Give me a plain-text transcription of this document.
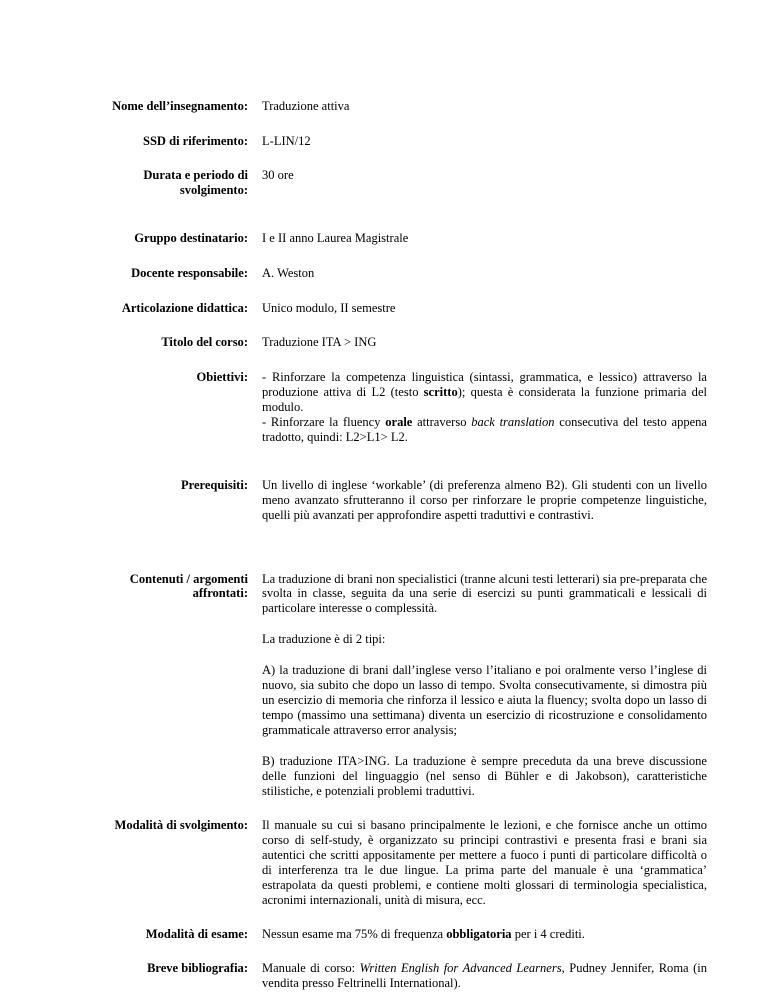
Nome dell’insegnamento: Traduzione attiva
SSD di riferimento: L-LIN/12
Durata e periodo di
svolgimento:
30 ore
Gruppo destinatario: I e II anno Laurea Magistrale
Docente responsabile: A. Weston
Articolazione didattica: Unico modulo, II semestre
Titolo del corso: Traduzione ITA > ING
Obiettivi: - Rinforzare la competenza linguistica (sintassi, grammatica, e lessico) attraverso la produzione attiva di L2 (testo scritto); questa è considerata la funzione primaria del modulo.

- Rinforzare la fluency orale attraverso back translation consecutiva del testo appena tradotto, quindi: L2>L1> L2.

Prerequisiti: Un livello di inglese ‘workable’ (di preferenza almeno B2). Gli studenti con un livello meno avanzato sfrutteranno il corso per rinforzare le proprie competenze linguistiche, quelli più avanzati per approfondire aspetti traduttivi e contrastivi.

Contenuti / argomenti
affrontati:

La traduzione di brani non specialistici (tranne alcuni testi letterari) sia pre-preparata che svolta in classe, seguita da una serie di esercizi su punti grammaticali e lessicali di particolare interesse o complessità.

La traduzione è di 2 tipi:

A) la traduzione di brani dall’inglese verso l’italiano e poi oralmente verso l’inglese di nuovo, sia subito che dopo un lasso di tempo. Svolta consecutivamente, si dimostra più un esercizio di memoria che rinforza il lessico e aiuta la fluency; svolta dopo un lasso di tempo (massimo una settimana) diventa un esercizio di ricostruzione e consolidamento grammaticale attraverso error analysis;

B) traduzione ITA>ING. La traduzione è sempre preceduta da una breve discussione delle funzioni del linguaggio (nel senso di Bühler e di Jakobson), caratteristiche stilistiche, e potenziali problemi traduttivi.

Modalità di svolgimento: Il manuale su cui si basano principalmente le lezioni, e che fornisce anche un ottimo corso di self-study, è organizzato su principi contrastivi e presenta frasi e brani sia autentici che scritti appositamente per mettere a fuoco i punti di particolare difficoltà o di interferenza tra le due lingue. La prima parte del manuale è una ‘grammatica’ estrapolata da questi problemi, e contiene molti glossari di terminologia specialistica, acronimi internazionali, unità di misura, ecc.

Modalità di esame: Nessun esame ma 75% di frequenza obbligatoria per i 4 crediti.
Breve bibliografia: Manuale di corso: Written English for Advanced Learners, Pudney Jennifer, Roma (in vendita presso Feltrinelli International).
